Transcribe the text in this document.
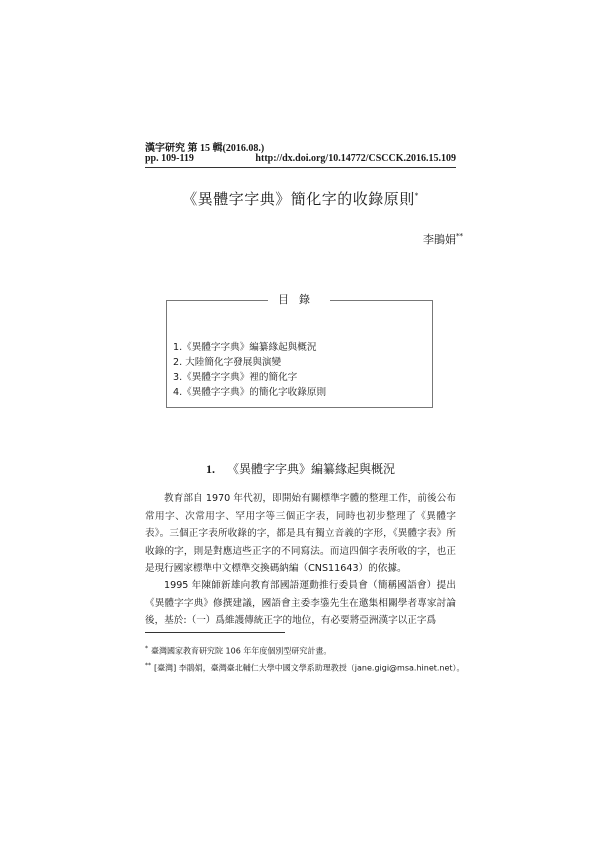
漢字研究 第 15 輯(2016.08.)
pp. 109-119	http://dx.doi.org/10.14772/CSCCK.2016.15.109
《異體字字典》簡化字的收錄原則*
李鵑娟**
目錄
1.《異體字字典》編纂緣起與概況
2. 大陸簡化字發展與演變
3.《異體字字典》裡的簡化字
4.《異體字字典》的簡化字收錄原則
1. 《異體字字典》編纂緣起與概況
教育部自 1970 年代初，即開始有關標準字體的整理工作，前後公布常用字、次常用字、罕用字等三個正字表，同時也初步整理了《異體字表》。三個正字表所收錄的字，都是具有獨立音義的字形，《異體字表》所收錄的字，則是對應這些正字的不同寫法。而這四個字表所收的字，也正是現行國家標準中文標準交換碼納編（CNS11643）的依據。
1995 年陳師新雄向教育部國語運動推行委員會（簡稱國語會）提出《異體字字典》修撰建議，國語會主委李鍌先生在邀集相關學者專家討論後，基於:（一）爲維護傳統正字的地位，有必要將亞洲漢字以正字爲
* 臺灣國家教育研究院 106 年年度個別型研究計畫。
** [臺灣] 李鵑娟，臺灣臺北輔仁大學中國文學系助理教授（jane.gigi@msa.hinet.net）。
